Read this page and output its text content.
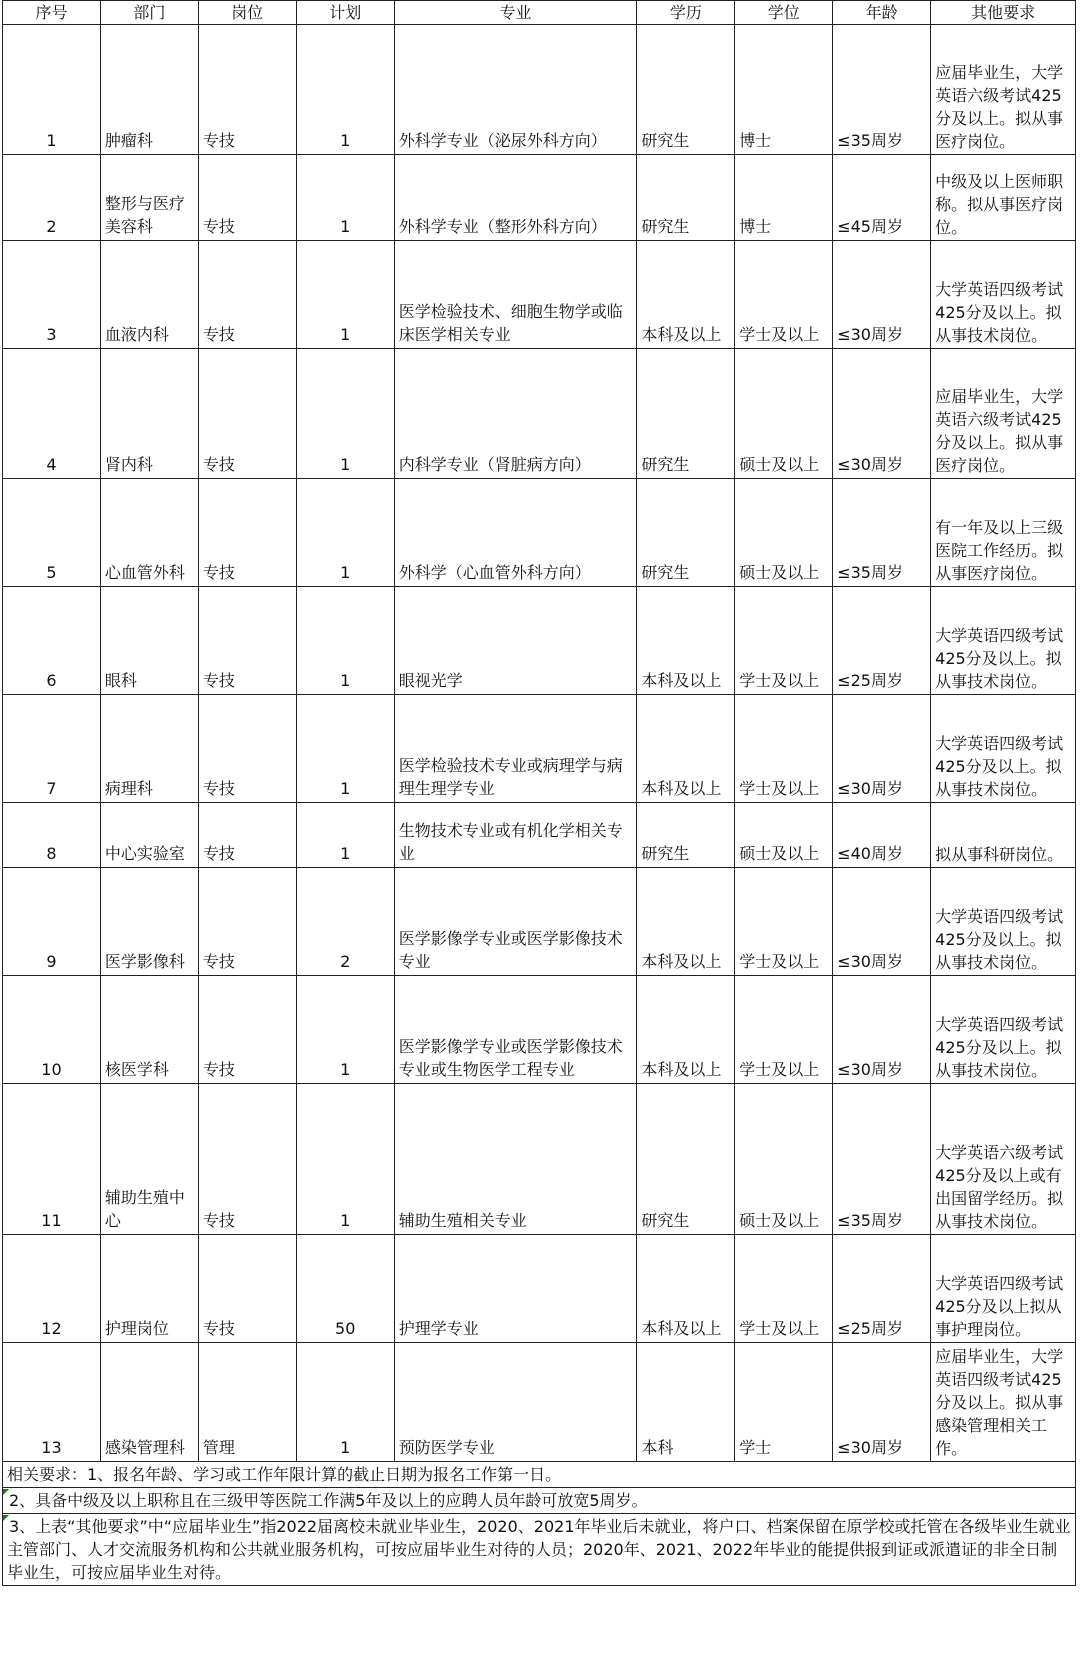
序号	部门	岗位	计划	专业	学历	学位	年龄	其他要求
1	肿瘤科	专技	1	外科学专业（泌尿外科方向）	研究生	博士	≤35周岁	应届毕业生，大学英语六级考试425分及以上。拟从事医疗岗位。
2	整形与医疗美容科	专技	1	外科学专业（整形外科方向）	研究生	博士	≤45周岁	中级及以上医师职称。拟从事医疗岗位。
3	血液内科	专技	1	医学检验技术、细胞生物学或临床医学相关专业	本科及以上	学士及以上	≤30周岁	大学英语四级考试425分及以上。拟从事技术岗位。
4	肾内科	专技	1	内科学专业（肾脏病方向）	研究生	硕士及以上	≤30周岁	应届毕业生，大学英语六级考试425分及以上。拟从事医疗岗位。
5	心血管外科	专技	1	外科学（心血管外科方向）	研究生	硕士及以上	≤35周岁	有一年及以上三级医院工作经历。拟从事医疗岗位。
6	眼科	专技	1	眼视光学	本科及以上	学士及以上	≤25周岁	大学英语四级考试425分及以上。拟从事技术岗位。
7	病理科	专技	1	医学检验技术专业或病理学与病理生理学专业	本科及以上	学士及以上	≤30周岁	大学英语四级考试425分及以上。拟从事技术岗位。
8	中心实验室	专技	1	生物技术专业或有机化学相关专业	研究生	硕士及以上	≤40周岁	拟从事科研岗位。
9	医学影像科	专技	2	医学影像学专业或医学影像技术专业	本科及以上	学士及以上	≤30周岁	大学英语四级考试425分及以上。拟从事技术岗位。
10	核医学科	专技	1	医学影像学专业或医学影像技术专业或生物医学工程专业	本科及以上	学士及以上	≤30周岁	大学英语四级考试425分及以上。拟从事技术岗位。
11	辅助生殖中心	专技	1	辅助生殖相关专业	研究生	硕士及以上	≤35周岁	大学英语六级考试425分及以上或有出国留学经历。拟从事技术岗位。
12	护理岗位	专技	50	护理学专业	本科及以上	学士及以上	≤25周岁	大学英语四级考试425分及以上拟从事护理岗位。
13	感染管理科	管理	1	预防医学专业	本科	学士	≤30周岁	应届毕业生，大学英语四级考试425分及以上。拟从事感染管理相关工作。
相关要求：1、报名年龄、学习或工作年限计算的截止日期为报名工作第一日。								
2、具备中级及以上职称且在三级甲等医院工作满5年及以上的应聘人员年龄可放宽5周岁。								
3、上表“其他要求”中“应届毕业生”指2022届离校未就业毕业生，2020、2021年毕业后未就业，将户口、档案保留在原学校或托管在各级毕业生就业主管部门、人才交流服务机构和公共就业服务机构，可按应届毕业生对待的人员；2020年、2021、2022年毕业的能提供报到证或派遣证的非全日制毕业生，可按应届毕业生对待。								
